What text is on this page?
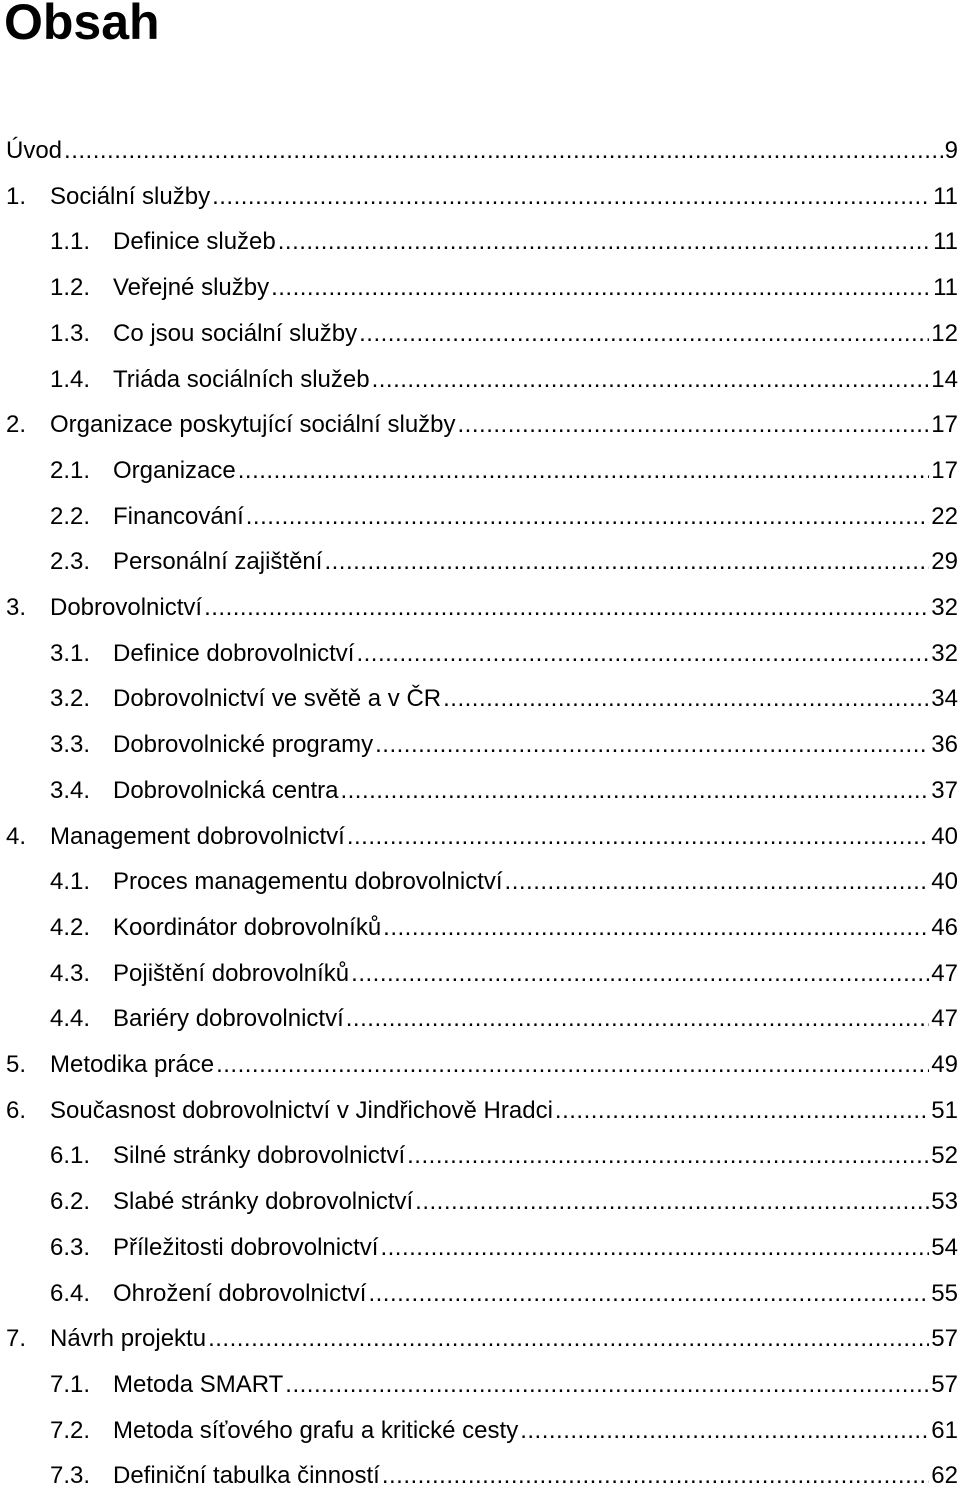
Obsah
Úvod .....	9
1. Sociální služby .....	11
1.1. Definice služeb .....	11
1.2. Veřejné služby .....	11
1.3. Co jsou sociální služby .....	12
1.4. Triáda sociálních služeb .....	14
2. Organizace poskytující sociální služby .....	17
2.1. Organizace .....	17
2.2. Financování .....	22
2.3. Personální zajištění .....	29
3. Dobrovolnictví .....	32
3.1. Definice dobrovolnictví .....	32
3.2. Dobrovolnictví ve světě a v ČR .....	34
3.3. Dobrovolnické programy .....	36
3.4. Dobrovolnická centra .....	37
4. Management dobrovolnictví .....	40
4.1. Proces managementu dobrovolnictví .....	40
4.2. Koordinátor dobrovolníků .....	46
4.3. Pojištění dobrovolníků .....	47
4.4. Bariéry dobrovolnictví .....	47
5. Metodika práce .....	49
6. Současnost dobrovolnictví v Jindřichově Hradci .....	51
6.1. Silné stránky dobrovolnictví .....	52
6.2. Slabé stránky dobrovolnictví .....	53
6.3. Příležitosti dobrovolnictví .....	54
6.4. Ohrožení dobrovolnictví .....	55
7. Návrh projektu .....	57
7.1. Metoda SMART .....	57
7.2. Metoda síťového grafu a kritické cesty .....	61
7.3. Definiční tabulka činností .....	62
